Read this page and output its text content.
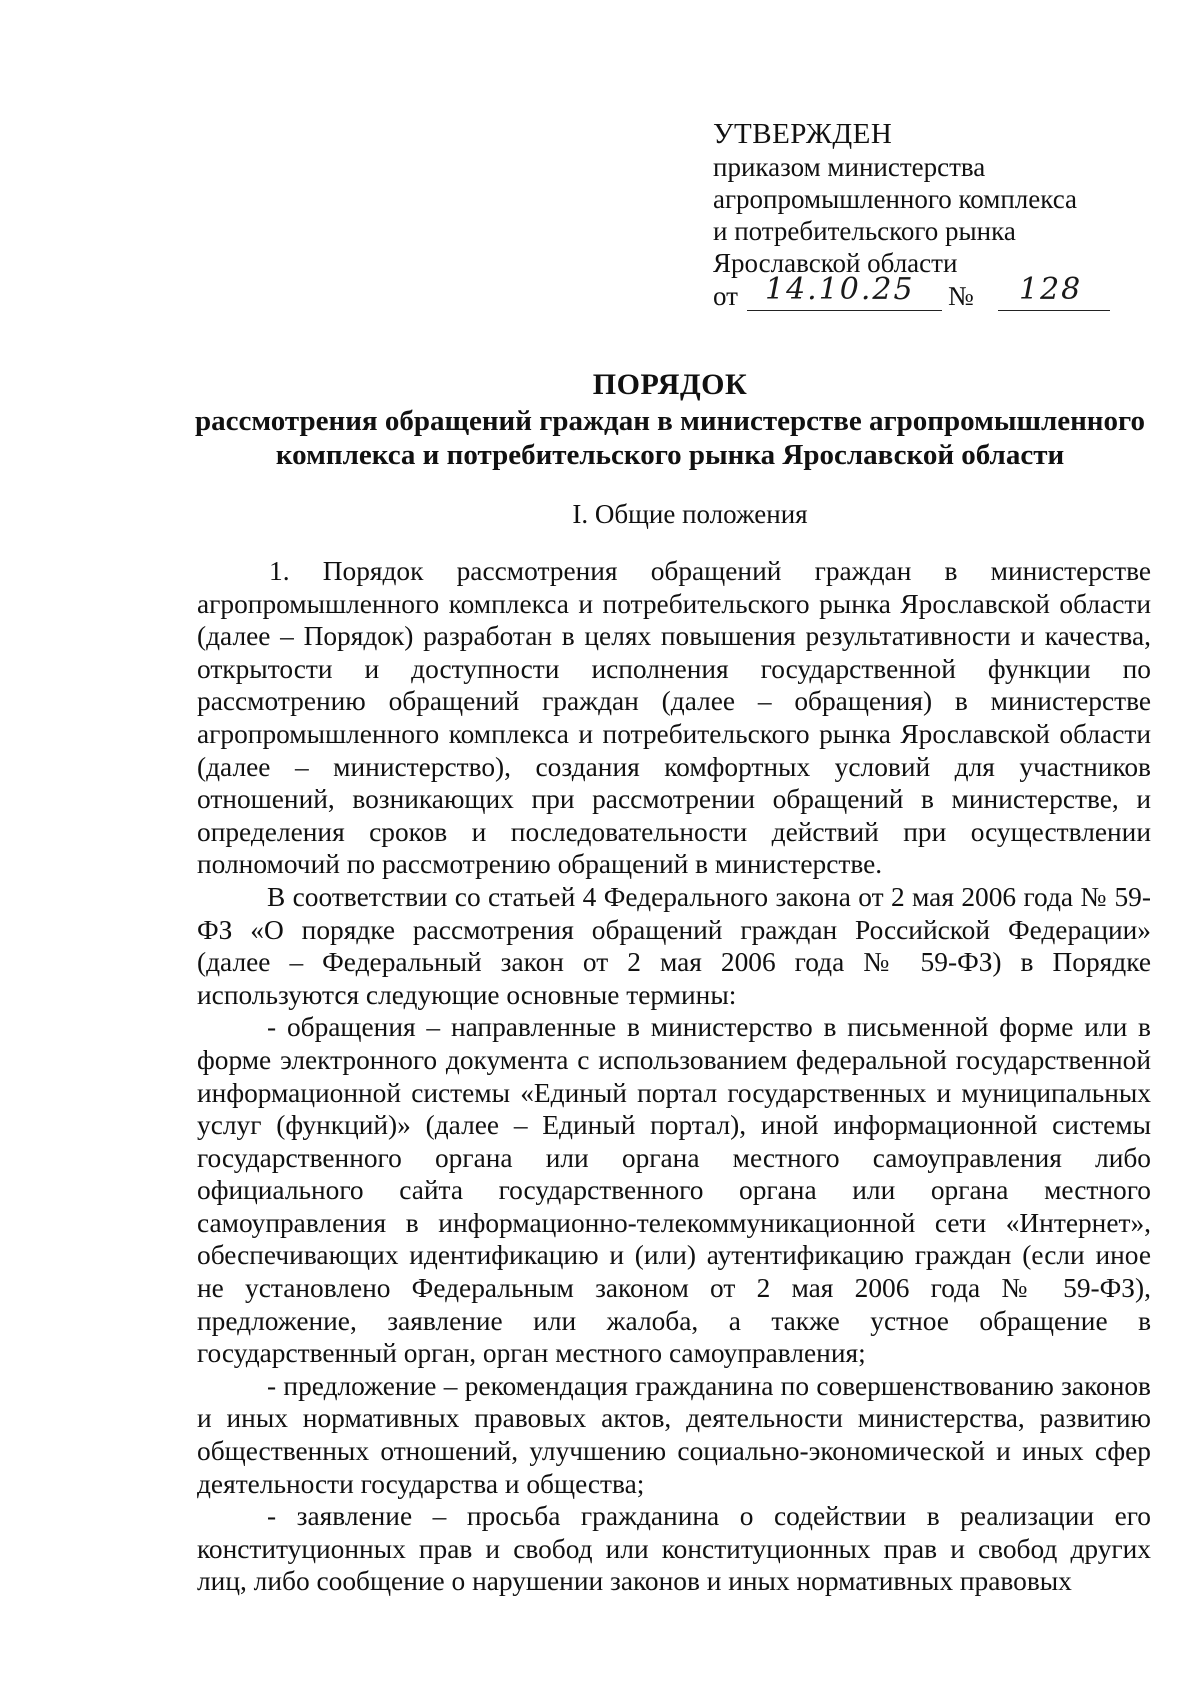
УТВЕРЖДЕН
приказом министерства
агропромышленного комплекса
и потребительского рынка
Ярославской области
от 14.10.25 № 128
ПОРЯДОК
рассмотрения обращений граждан в министерстве агропромышленного
комплекса и потребительского рынка Ярославской области
I. Общие положения

1. Порядок рассмотрения обращений граждан в министерстве агропромышленного комплекса и потребительского рынка Ярославской области (далее – Порядок) разработан в целях повышения результативности и качества, открытости и доступности исполнения государственной функции по рассмотрению обращений граждан (далее – обращения) в министерстве агропромышленного комплекса и потребительского рынка Ярославской области (далее – министерство), создания комфортных условий для участников отношений, возникающих при рассмотрении обращений в министерстве, и определения сроков и последовательности действий при осуществлении полномочий по рассмотрению обращений в министерстве.

В соответствии со статьей 4 Федерального закона от 2 мая 2006 года № 59-ФЗ «О порядке рассмотрения обращений граждан Российской Федерации» (далее – Федеральный закон от 2 мая 2006 года № 59-ФЗ) в Порядке используются следующие основные термины:

- обращения – направленные в министерство в письменной форме или в форме электронного документа с использованием федеральной государственной информационной системы «Единый портал государственных и муниципальных услуг (функций)» (далее – Единый портал), иной информационной системы государственного органа или органа местного самоуправления либо официального сайта государственного органа или органа местного самоуправления в информационно-телекоммуникационной сети «Интернет», обеспечивающих идентификацию и (или) аутентификацию граждан (если иное не установлено Федеральным законом от 2 мая 2006 года № 59-ФЗ), предложение, заявление или жалоба, а также устное обращение в государственный орган, орган местного самоуправления;

- предложение – рекомендация гражданина по совершенствованию законов и иных нормативных правовых актов, деятельности министерства, развитию общественных отношений, улучшению социально-экономической и иных сфер деятельности государства и общества;

- заявление – просьба гражданина о содействии в реализации его конституционных прав и свобод или конституционных прав и свобод других лиц, либо сообщение о нарушении законов и иных нормативных правовых
